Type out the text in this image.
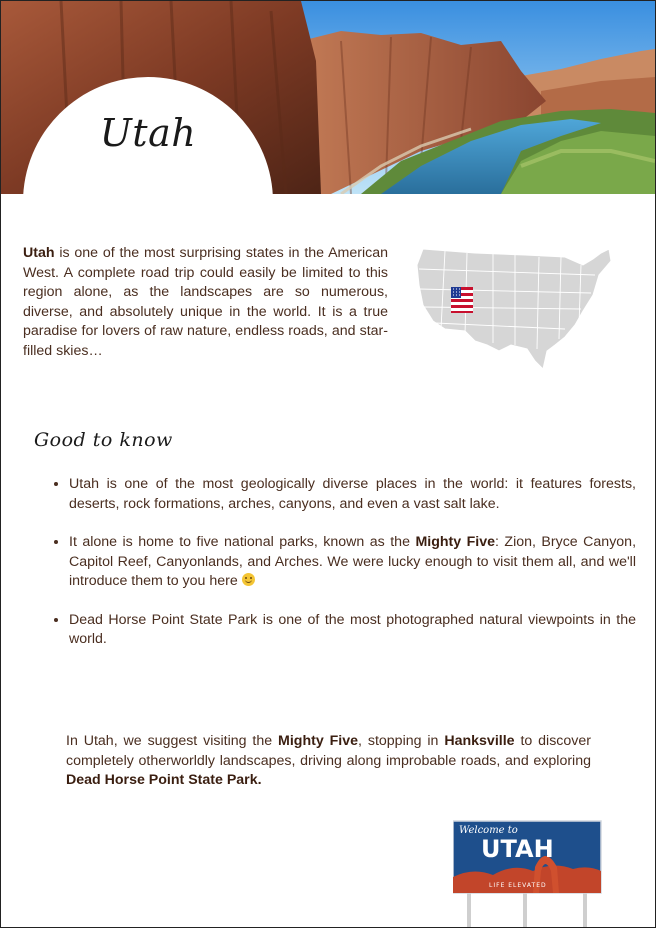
Utah

Utah is one of the most surprising states in the American West. A complete road trip could easily be limited to this region alone, as the landscapes are so numerous, diverse, and absolutely unique in the world. It is a true paradise for lovers of raw nature, endless roads, and star-filled skies…

Good to know
• Utah is one of the most geologically diverse places in the world: it features forests, deserts, rock formations, arches, canyons, and even a vast salt lake.
• It alone is home to five national parks, known as the Mighty Five: Zion, Bryce Canyon, Capitol Reef, Canyonlands, and Arches. We were lucky enough to visit them all, and we'll introduce them to you here
• Dead Horse Point State Park is one of the most photographed natural viewpoints in the world.

In Utah, we suggest visiting the Mighty Five, stopping in Hanksville to discover completely otherworldly landscapes, driving along improbable roads, and exploring Dead Horse Point State Park.

Welcome to
UTAH
LIFE ELEVATED
